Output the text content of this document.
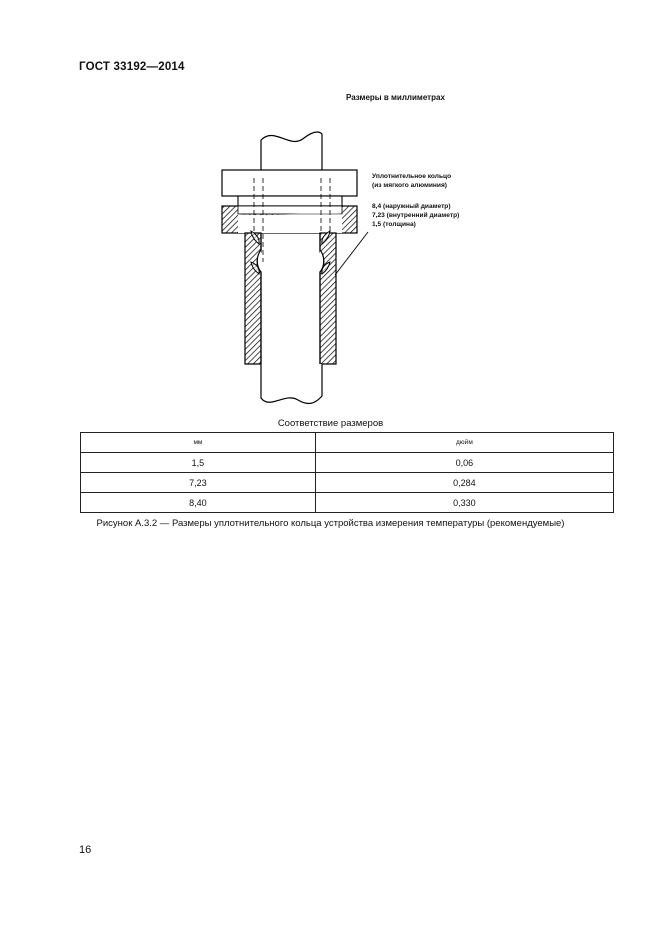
ГОСТ 33192—2014
Размеры в миллиметрах
Уплотнительное кольцо
(из мягкого алюминия)
8,4 (наружный диаметр)
7,23 (внутренний диаметр)
1,5 (толщина)
Соответствие размеров
мм	дюйм
1,5	0,06
7,23	0,284
8,40	0,330
Рисунок А.3.2 — Размеры уплотнительного кольца устройства измерения температуры (рекомендуемые)
16
